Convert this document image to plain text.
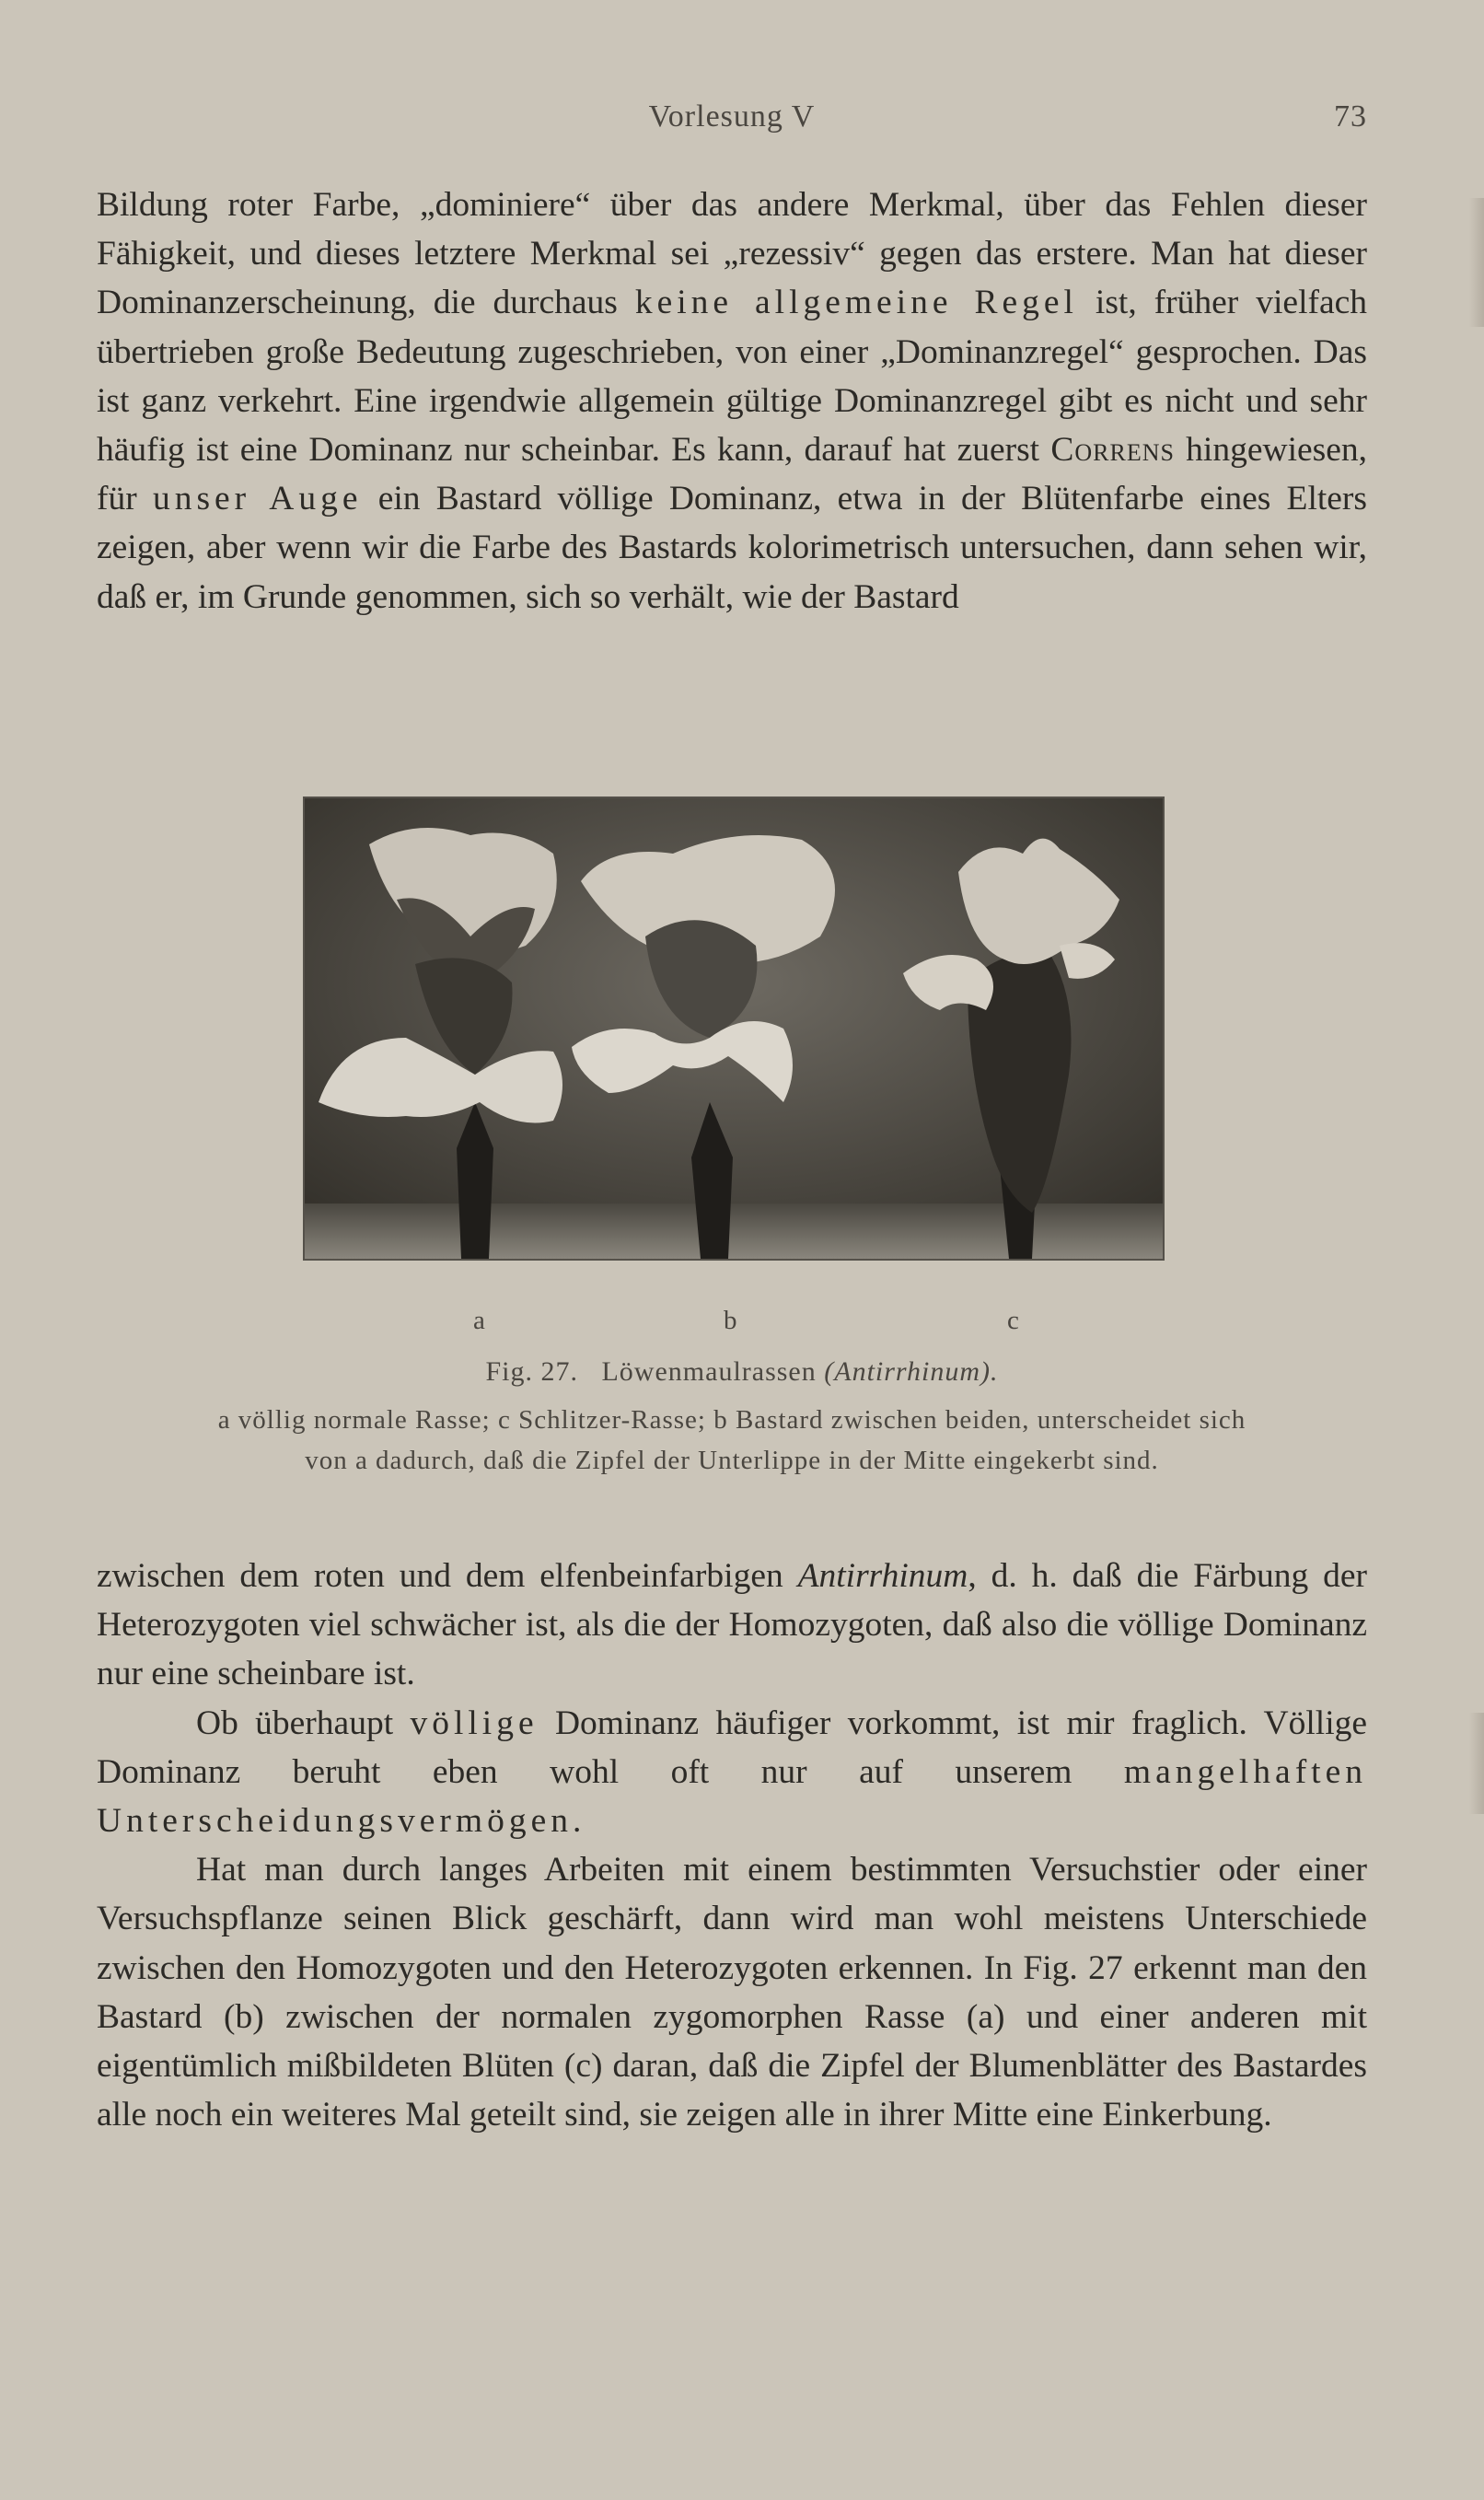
Vorlesung V	73

Bildung roter Farbe, „dominiere“ über das andere Merkmal, über das Fehlen dieser Fähigkeit, und dieses letztere Merkmal sei „rezessiv“ gegen das erstere. Man hat dieser Dominanzerscheinung, die durchaus keine allgemeine Regel ist, früher vielfach übertrieben große Bedeutung zugeschrieben, von einer „Dominanzregel“ gesprochen. Das ist ganz verkehrt. Eine irgendwie allgemein gültige Dominanzregel gibt es nicht und sehr häufig ist eine Dominanz nur scheinbar. Es kann, darauf hat zuerst Correns hingewiesen, für unser Auge ein Bastard völlige Dominanz, etwa in der Blütenfarbe eines Elters zeigen, aber wenn wir die Farbe des Bastards kolorimetrisch untersuchen, dann sehen wir, daß er, im Grunde genommen, sich so verhält, wie der Bastard

a	b	c
Fig. 27. Löwenmaulrassen (Antirrhinum).
a völlig normale Rasse; c Schlitzer-Rasse; b Bastard zwischen beiden, unterscheidet sich
von a dadurch, daß die Zipfel der Unterlippe in der Mitte eingekerbt sind.

zwischen dem roten und dem elfenbeinfarbigen Antirrhinum, d. h. daß die Färbung der Heterozygoten viel schwächer ist, als die der Homozygoten, daß also die völlige Dominanz nur eine scheinbare ist.

Ob überhaupt völlige Dominanz häufiger vorkommt, ist mir fraglich. Völlige Dominanz beruht eben wohl oft nur auf unserem mangelhaften Unterscheidungsvermögen.

Hat man durch langes Arbeiten mit einem bestimmten Versuchstier oder einer Versuchspflanze seinen Blick geschärft, dann wird man wohl meistens Unterschiede zwischen den Homozygoten und den Heterozygoten erkennen. In Fig. 27 erkennt man den Bastard (b) zwischen der normalen zygomorphen Rasse (a) und einer anderen mit eigentümlich mißbildeten Blüten (c) daran, daß die Zipfel der Blumenblätter des Bastardes alle noch ein weiteres Mal geteilt sind, sie zeigen alle in ihrer Mitte eine Einkerbung.
